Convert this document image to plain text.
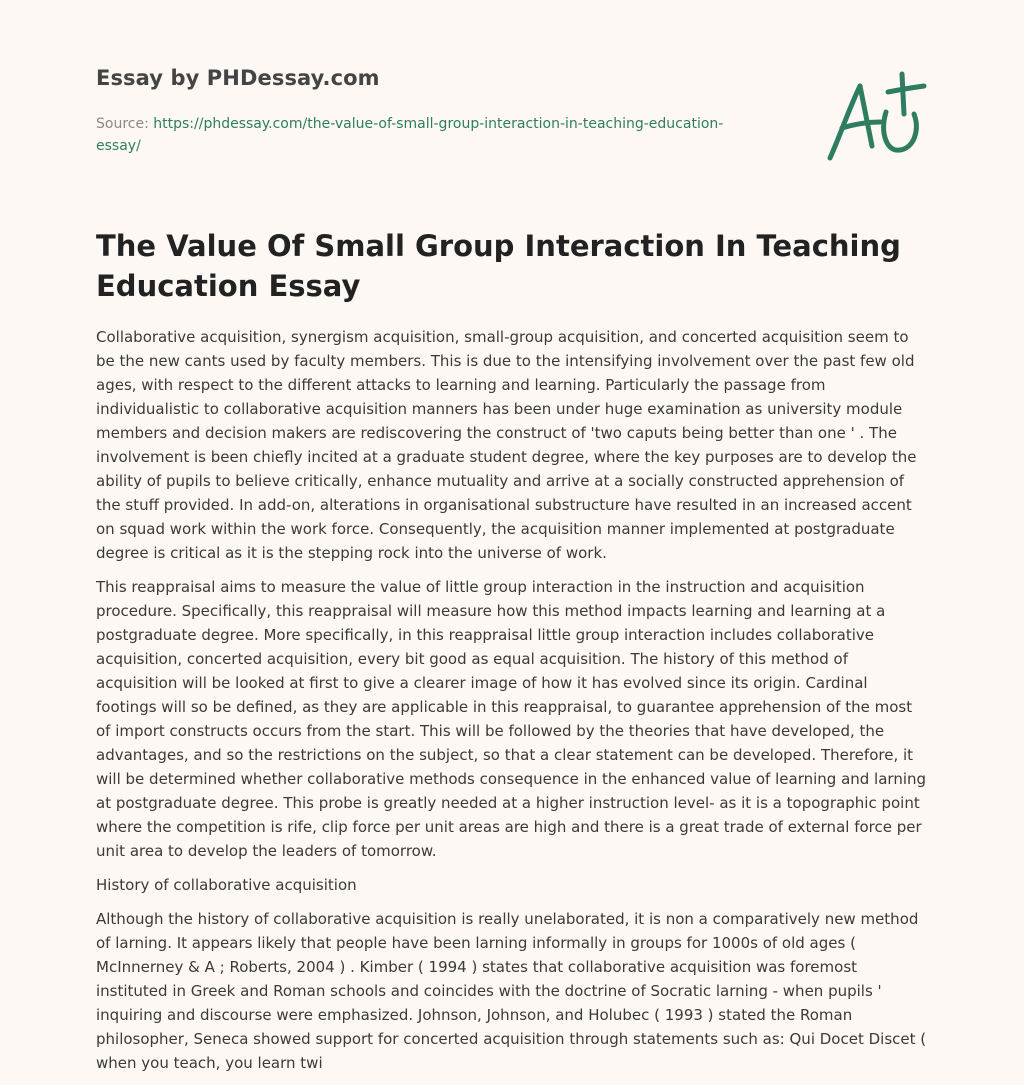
Essay by PHDessay.com
Source: https://phdessay.com/the-value-of-small-group-interaction-in-teaching-education-essay/
The Value Of Small Group Interaction In Teaching Education Essay

Collaborative acquisition, synergism acquisition, small-group acquisition, and concerted acquisition seem to be the new cants used by faculty members. This is due to the intensifying involvement over the past few old ages, with respect to the different attacks to learning and learning. Particularly the passage from individualistic to collaborative acquisition manners has been under huge examination as university module members and decision makers are rediscovering the construct of 'two caputs being better than one ' . The involvement is been chiefly incited at a graduate student degree, where the key purposes are to develop the ability of pupils to believe critically, enhance mutuality and arrive at a socially constructed apprehension of the stuff provided. In add-on, alterations in organisational substructure have resulted in an increased accent on squad work within the work force. Consequently, the acquisition manner implemented at postgraduate degree is critical as it is the stepping rock into the universe of work.

This reappraisal aims to measure the value of little group interaction in the instruction and acquisition procedure. Specifically, this reappraisal will measure how this method impacts learning and learning at a postgraduate degree. More specifically, in this reappraisal little group interaction includes collaborative acquisition, concerted acquisition, every bit good as equal acquisition. The history of this method of acquisition will be looked at first to give a clearer image of how it has evolved since its origin. Cardinal footings will so be defined, as they are applicable in this reappraisal, to guarantee apprehension of the most of import constructs occurs from the start. This will be followed by the theories that have developed, the advantages, and so the restrictions on the subject, so that a clear statement can be developed. Therefore, it will be determined whether collaborative methods consequence in the enhanced value of learning and larning at postgraduate degree. This probe is greatly needed at a higher instruction level- as it is a topographic point where the competition is rife, clip force per unit areas are high and there is a great trade of external force per unit area to develop the leaders of tomorrow.

History of collaborative acquisition

Although the history of collaborative acquisition is really unelaborated, it is non a comparatively new method of larning. It appears likely that people have been larning informally in groups for 1000s of old ages ( McInnerney & A ; Roberts, 2004 ) . Kimber ( 1994 ) states that collaborative acquisition was foremost instituted in Greek and Roman schools and coincides with the doctrine of Socratic larning - when pupils ' inquiring and discourse were emphasized. Johnson, Johnson, and Holubec ( 1993 ) stated the Roman philosopher, Seneca showed support for concerted acquisition through statements such as: Qui Docet Discet ( when you teach, you learn twi
